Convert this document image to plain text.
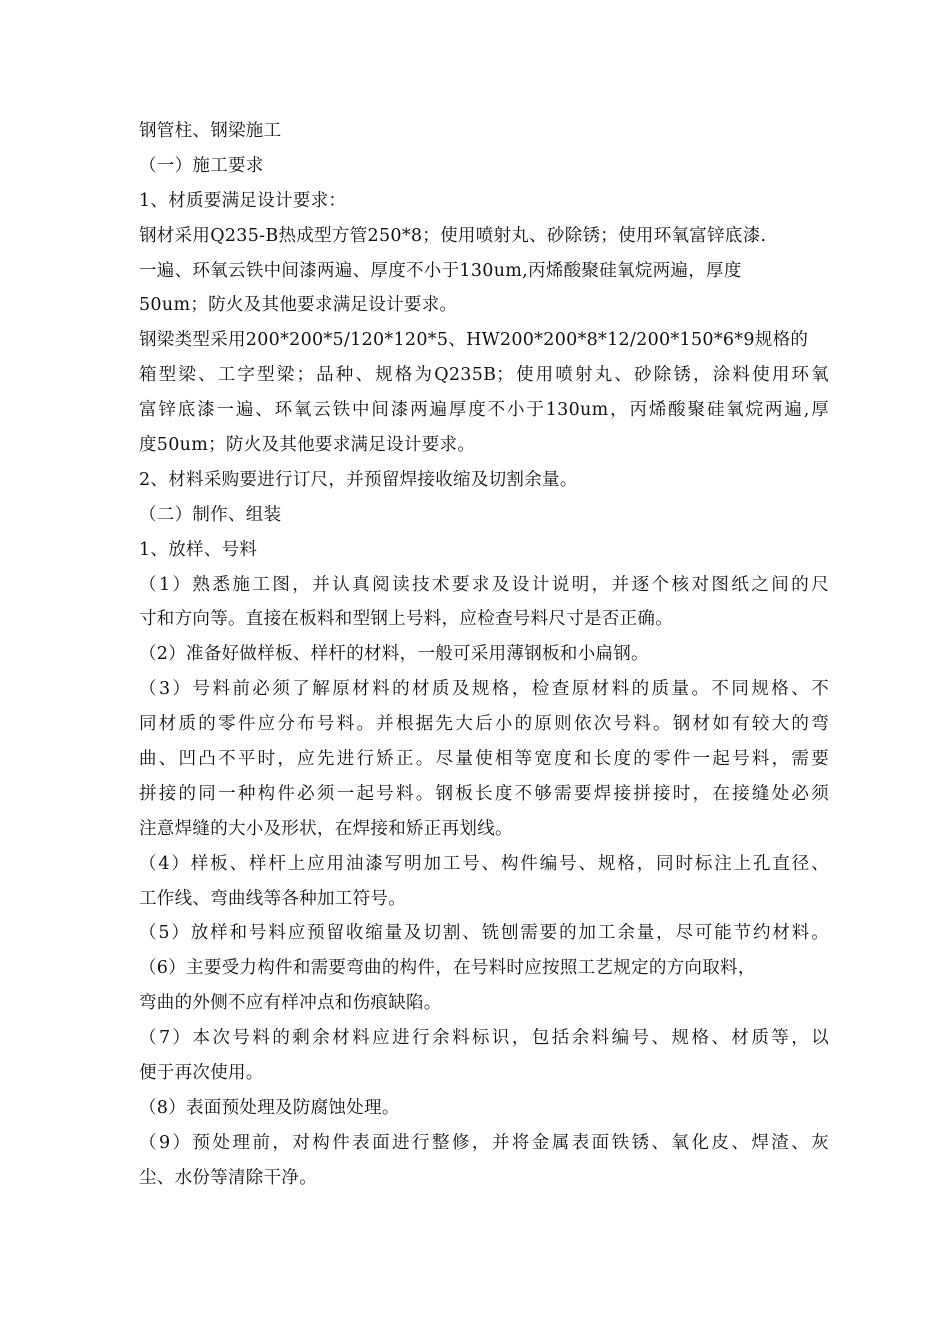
钢管柱、钢梁施工
（一）施工要求
1、材质要满足设计要求：
钢材采用Q235-B热成型方管250*8；使用喷射丸、砂除锈；使用环氧富锌底漆.
一遍、环氧云铁中间漆两遍、厚度不小于130um,丙烯酸聚硅氧烷两遍，厚度
50um；防火及其他要求满足设计要求。
钢梁类型采用200*200*5/120*120*5、HW200*200*8*12/200*150*6*9规格的
箱型梁、工字型梁；品种、规格为Q235B；使用喷射丸、砂除锈，涂料使用环氧
富锌底漆一遍、环氧云铁中间漆两遍厚度不小于130um，丙烯酸聚硅氧烷两遍,厚
度50um；防火及其他要求满足设计要求。
2、材料采购要进行订尺，并预留焊接收缩及切割余量。
（二）制作、组装
1、放样、号料
（1）熟悉施工图，并认真阅读技术要求及设计说明，并逐个核对图纸之间的尺
寸和方向等。直接在板料和型钢上号料，应检查号料尺寸是否正确。
（2）准备好做样板、样杆的材料，一般可采用薄钢板和小扁钢。
（3）号料前必须了解原材料的材质及规格，检查原材料的质量。不同规格、不
同材质的零件应分布号料。并根据先大后小的原则依次号料。钢材如有较大的弯
曲、凹凸不平时，应先进行矫正。尽量使相等宽度和长度的零件一起号料，需要
拼接的同一种构件必须一起号料。钢板长度不够需要焊接拼接时，在接缝处必须
注意焊缝的大小及形状，在焊接和矫正再划线。
（4）样板、样杆上应用油漆写明加工号、构件编号、规格，同时标注上孔直径、
工作线、弯曲线等各种加工符号。
（5）放样和号料应预留收缩量及切割、铣刨需要的加工余量，尽可能节约材料。
（6）主要受力构件和需要弯曲的构件，在号料时应按照工艺规定的方向取料，
弯曲的外侧不应有样冲点和伤痕缺陷。
（7）本次号料的剩余材料应进行余料标识，包括余料编号、规格、材质等，以
便于再次使用。
（8）表面预处理及防腐蚀处理。
（9）预处理前，对构件表面进行整修，并将金属表面铁锈、氧化皮、焊渣、灰
尘、水份等清除干净。
